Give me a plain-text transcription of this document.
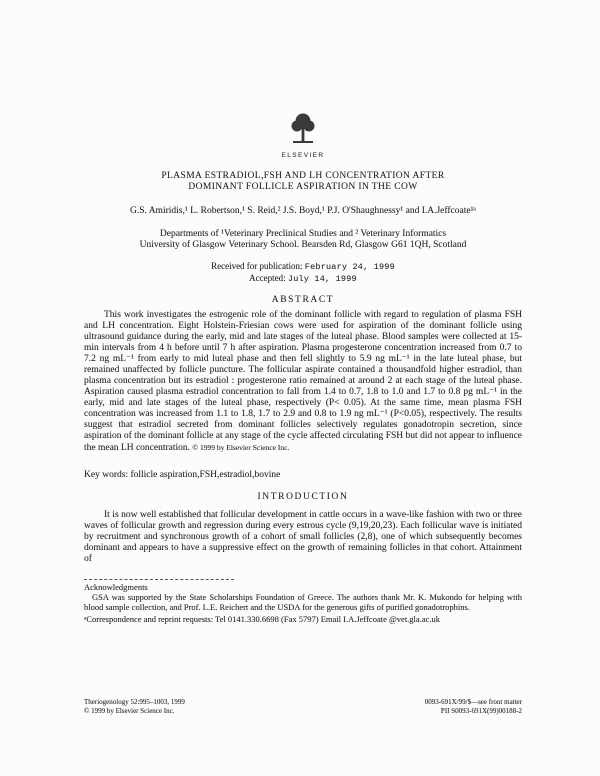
ELSEVIER
PLASMA ESTRADIOL,FSH AND LH CONCENTRATION AFTER
DOMINANT FOLLICLE ASPIRATION IN THE COW
G.S. Amiridis,¹ L. Robertson,¹ S. Reid,² J.S. Boyd,¹ P.J. O'Shaughnessy¹ and I.A.Jeffcoate¹ᵃ
Departments of ¹Veterinary Preclinical Studies and ² Veterinary Informatics
University of Glasgow Veterinary School. Bearsden Rd, Glasgow G61 1QH, Scotland
Received for publication: February 24, 1999
Accepted: July 14, 1999
ABSTRACT

This work investigates the estrogenic role of the dominant follicle with regard to regulation of plasma FSH and LH concentration. Eight Holstein-Friesian cows were used for aspiration of the dominant follicle using ultrasound guidance during the early, mid and late stages of the luteal phase. Blood samples were collected at 15-min intervals from 4 h before until 7 h after aspiration. Plasma progesterone concentration increased from 0.7 to 7.2 ng mL⁻¹ from early to mid luteal phase and then fell slightly to 5.9 ng mL⁻¹ in the late luteal phase, but remained unaffected by follicle puncture. The follicular aspirate contained a thousandfold higher estradiol, than plasma concentration but its estradiol : progesterone ratio remained at around 2 at each stage of the luteal phase. Aspiration caused plasma estradiol concentration to fall from 1.4 to 0.7, 1.8 to 1.0 and 1.7 to 0.8 pg mL⁻¹ in the early, mid and late stages of the luteal phase, respectively (P< 0.05). At the same time, mean plasma FSH concentration was increased from 1.1 to 1.8, 1.7 to 2.9 and 0.8 to 1.9 ng mL⁻¹ (P<0.05), respectively. The results suggest that estradiol secreted from dominant follicles selectively regulates gonadotropin secretion, since aspiration of the dominant follicle at any stage of the cycle affected circulating FSH but did not appear to influence the mean LH concentration. © 1999 by Elsevier Science Inc.

Key words: follicle aspiration,FSH,estradiol,bovine
INTRODUCTION

It is now well established that follicular development in cattle occurs in a wave-like fashion with two or three waves of follicular growth and regression during every estrous cycle (9,19,20,23). Each follicular wave is initiated by recruitment and synchronous growth of a cohort of small follicles (2,8), one of which subsequently becomes dominant and appears to have a suppressive effect on the growth of remaining follicles in that cohort. Attainment of

Acknowledgments
GSA was supported by the State Scholarships Foundation of Greece. The authors thank Mr. K. Mukondo for helping with blood sample collection, and Prof. L.E. Reichert and the USDA for the generous gifts of purified gonadotrophins.
ᵃCorrespondence and reprint requests: Tel 0141.330.6698 (Fax 5797) Email I.A.Jeffcoate @vet.gla.ac.uk
Theriogenology 52:995–1003, 1999
© 1999 by Elsevier Science Inc.
0093-691X/99/$—see front matter
PII S0093-691X(99)00188-2
